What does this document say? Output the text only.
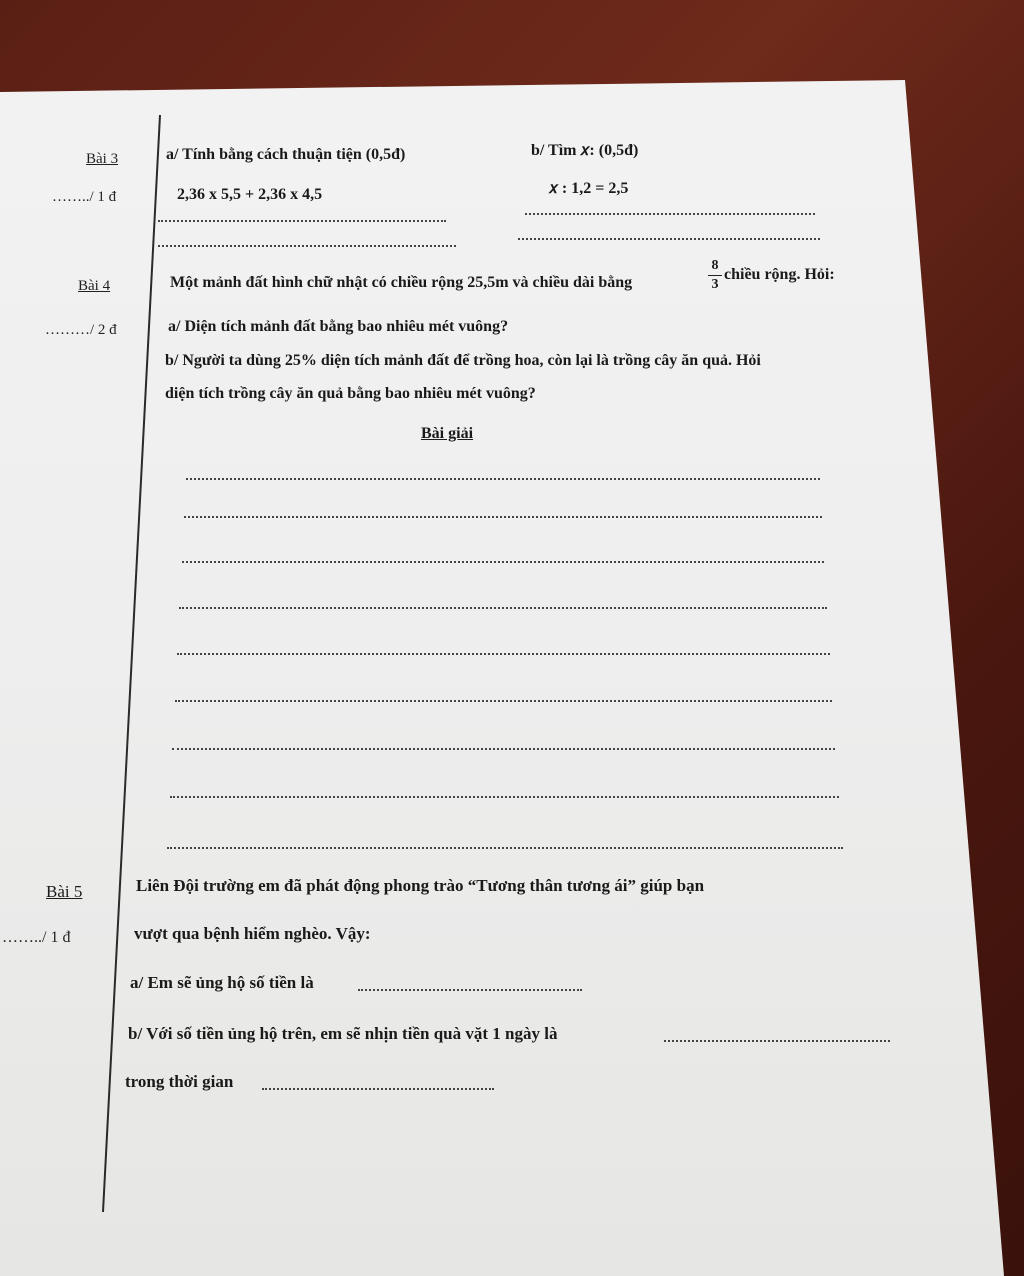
Bài 3
……../ 1 đ
a/ Tính bằng cách thuận tiện (0,5đ)
2,36 x 5,5 + 2,36 x 4,5
b/ Tìm 𝑥: (0,5đ)
𝑥 : 1,2 = 2,5
Bài 4
………/ 2 đ
Một mảnh đất hình chữ nhật có chiều rộng 25,5m và chiều dài bằng
8
3
chiều rộng. Hỏi:
a/ Diện tích mảnh đất bằng bao nhiêu mét vuông?
b/ Người ta dùng 25% diện tích mảnh đất để trồng hoa, còn lại là trồng cây ăn quả. Hỏi
diện tích trồng cây ăn quả bằng bao nhiêu mét vuông?
Bài giải
Bài 5
……../ 1 đ
Liên Đội trường em đã phát động phong trào “Tương thân tương ái” giúp bạn
vượt qua bệnh hiểm nghèo. Vậy:
a/ Em sẽ ủng hộ số tiền là
b/ Với số tiền ủng hộ trên, em sẽ nhịn tiền quà vặt 1 ngày là
trong thời gian
